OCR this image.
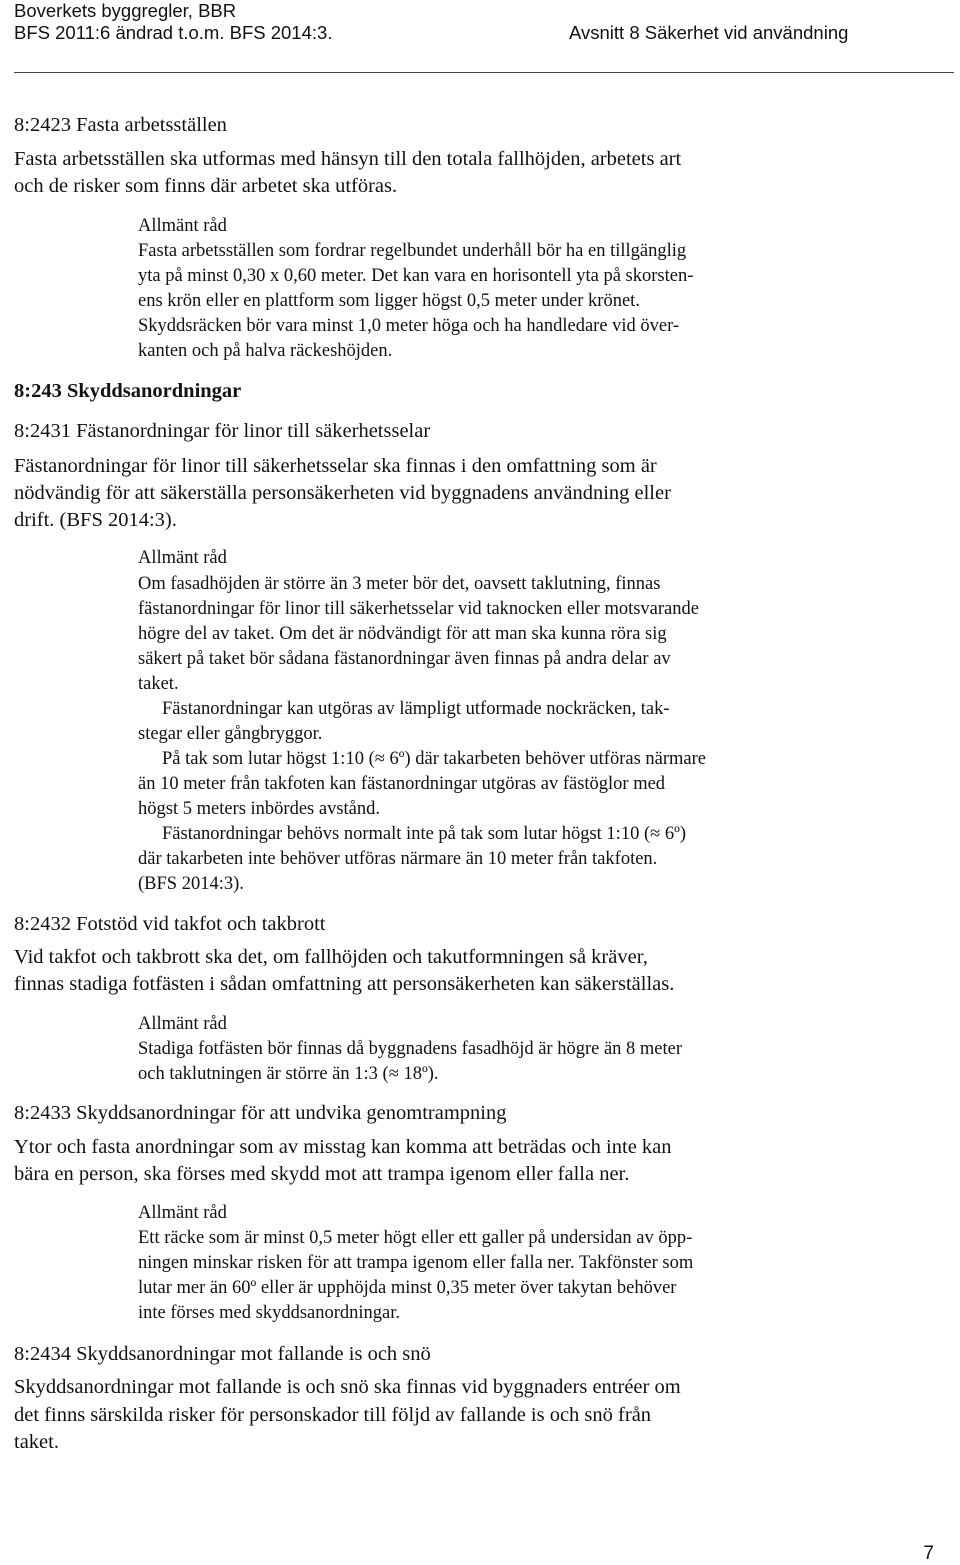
Boverkets byggregler, BBR
BFS 2011:6 ändrad t.o.m. BFS 2014:3.	Avsnitt 8 Säkerhet vid användning
8:2423 Fasta arbetsställen
Fasta arbetsställen ska utformas med hänsyn till den totala fallhöjden, arbetets art
och de risker som finns där arbetet ska utföras.
Allmänt råd
Fasta arbetsställen som fordrar regelbundet underhåll bör ha en tillgänglig
yta på minst 0,30 x 0,60 meter. Det kan vara en horisontell yta på skorsten-
ens krön eller en plattform som ligger högst 0,5 meter under krönet.
Skyddsräcken bör vara minst 1,0 meter höga och ha handledare vid över-
kanten och på halva räckeshöjden.
8:243 Skyddsanordningar
8:2431 Fästanordningar för linor till säkerhetsselar
Fästanordningar för linor till säkerhetsselar ska finnas i den omfattning som är
nödvändig för att säkerställa personsäkerheten vid byggnadens användning eller
drift. (BFS 2014:3).
Allmänt råd
Om fasadhöjden är större än 3 meter bör det, oavsett taklutning, finnas
fästanordningar för linor till säkerhetsselar vid taknocken eller motsvarande
högre del av taket. Om det är nödvändigt för att man ska kunna röra sig
säkert på taket bör sådana fästanordningar även finnas på andra delar av
taket.
Fästanordningar kan utgöras av lämpligt utformade nockräcken, tak-
stegar eller gångbryggor.
På tak som lutar högst 1:10 (≈ 6º) där takarbeten behöver utföras närmare
än 10 meter från takfoten kan fästanordningar utgöras av fästöglor med
högst 5 meters inbördes avstånd.
Fästanordningar behövs normalt inte på tak som lutar högst 1:10 (≈ 6º)
där takarbeten inte behöver utföras närmare än 10 meter från takfoten.
(BFS 2014:3).
8:2432 Fotstöd vid takfot och takbrott
Vid takfot och takbrott ska det, om fallhöjden och takutformningen så kräver,
finnas stadiga fotfästen i sådan omfattning att personsäkerheten kan säkerställas.
Allmänt råd
Stadiga fotfästen bör finnas då byggnadens fasadhöjd är högre än 8 meter
och taklutningen är större än 1:3 (≈ 18º).
8:2433 Skyddsanordningar för att undvika genomtrampning
Ytor och fasta anordningar som av misstag kan komma att beträdas och inte kan
bära en person, ska förses med skydd mot att trampa igenom eller falla ner.
Allmänt råd
Ett räcke som är minst 0,5 meter högt eller ett galler på undersidan av öpp-
ningen minskar risken för att trampa igenom eller falla ner. Takfönster som
lutar mer än 60º eller är upphöjda minst 0,35 meter över takytan behöver
inte förses med skyddsanordningar.
8:2434 Skyddsanordningar mot fallande is och snö
Skyddsanordningar mot fallande is och snö ska finnas vid byggnaders entréer om
det finns särskilda risker för personskador till följd av fallande is och snö från
taket.
7
